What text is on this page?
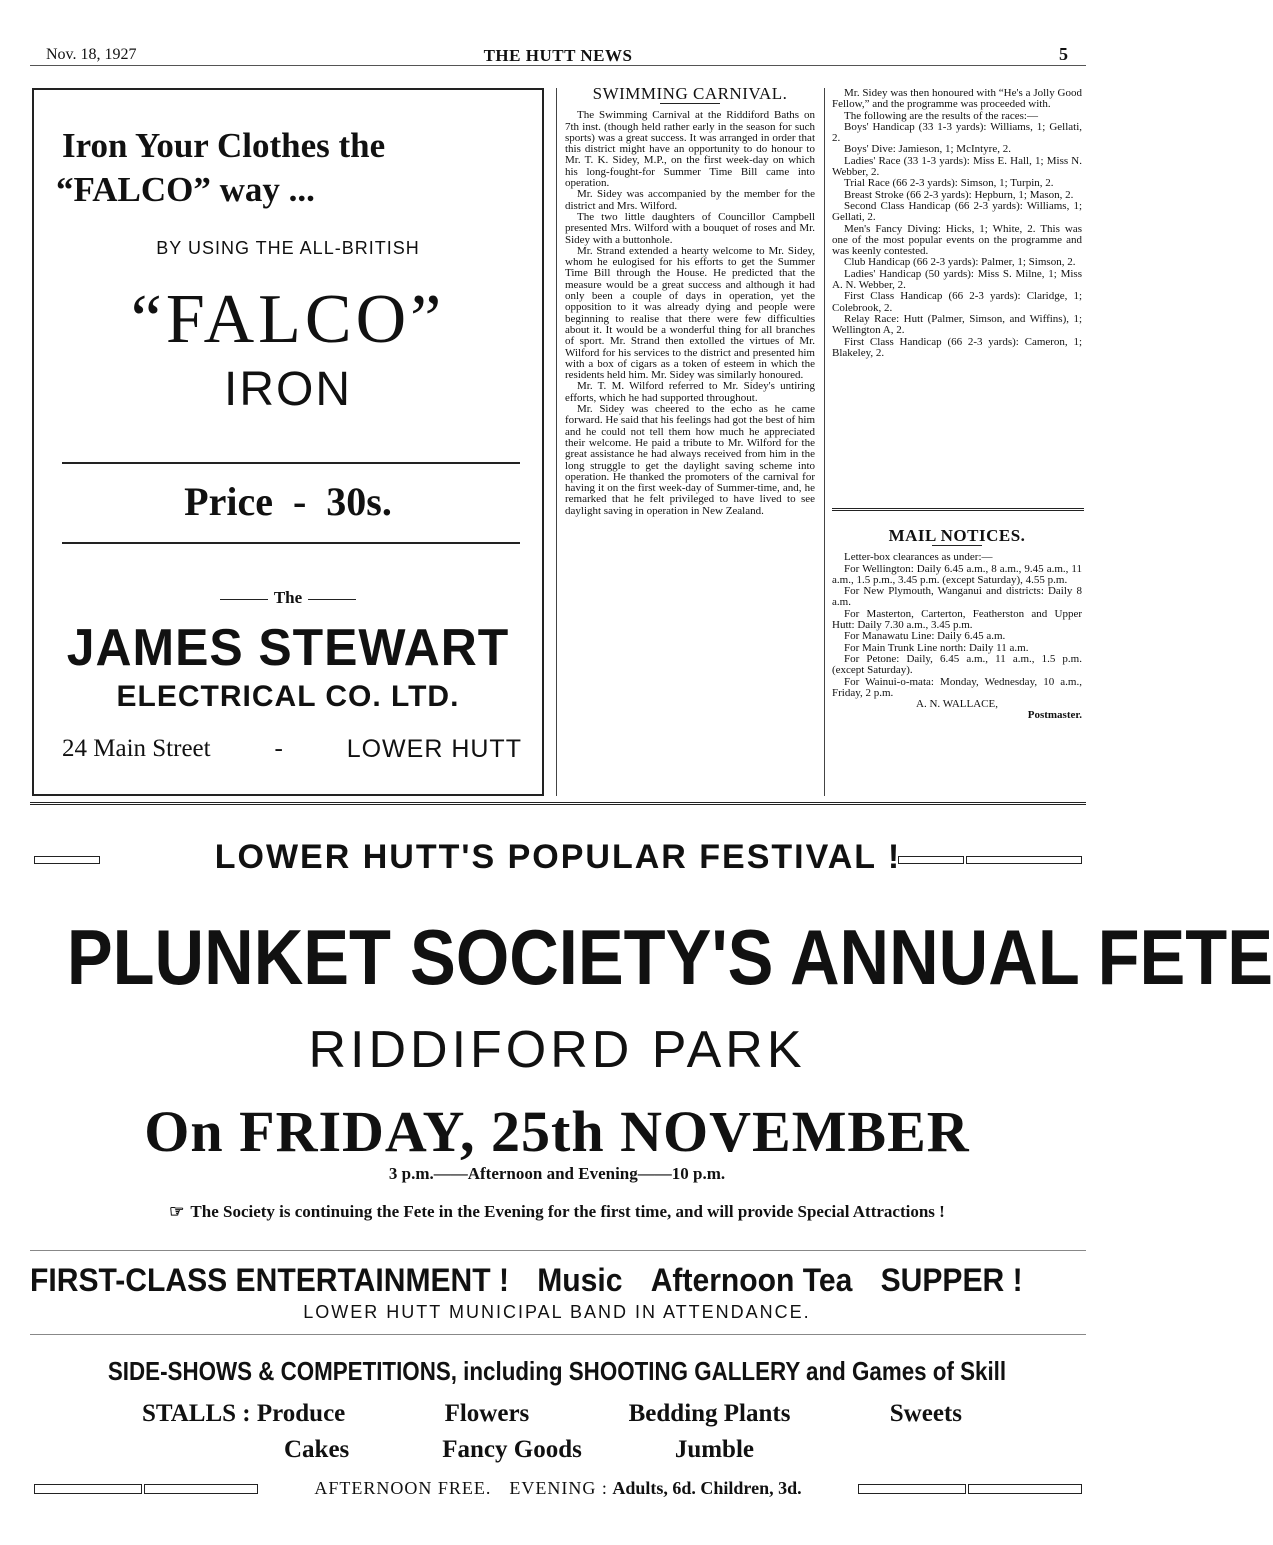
Nov. 18, 1927	THE HUTT NEWS	5
Iron Your Clothes the
“FALCO” way ...
BY USING THE ALL-BRITISH
“FALCO”
IRON
Price - 30s.
The
JAMES STEWART
ELECTRICAL CO. LTD.
24 Main Street	-	LOWER HUTT
SWIMMING CARNIVAL.

The Swimming Carnival at the Riddiford Baths on 7th inst. (though held rather early in the season for such sports) was a great success. It was arranged in order that this district might have an opportunity to do honour to Mr. T. K. Sidey, M.P., on the first week-day on which his long-fought-for Summer Time Bill came into operation.

Mr. Sidey was accompanied by the member for the district and Mrs. Wilford.

The two little daughters of Councillor Campbell presented Mrs. Wilford with a bouquet of roses and Mr. Sidey with a buttonhole.

Mr. Strand extended a hearty welcome to Mr. Sidey, whom he eulogised for his efforts to get the Summer Time Bill through the House. He predicted that the measure would be a great success and although it had only been a couple of days in operation, yet the opposition to it was already dying and people were beginning to realise that there were few difficulties about it. It would be a wonderful thing for all branches of sport. Mr. Strand then extolled the virtues of Mr. Wilford for his services to the district and presented him with a box of cigars as a token of esteem in which the residents held him. Mr. Sidey was similarly honoured.

Mr. T. M. Wilford referred to Mr. Sidey's untiring efforts, which he had supported throughout.

Mr. Sidey was cheered to the echo as he came forward. He said that his feelings had got the best of him and he could not tell them how much he appreciated their welcome. He paid a tribute to Mr. Wilford for the great assistance he had always received from him in the long struggle to get the daylight saving scheme into operation. He thanked the promoters of the carnival for having it on the first week-day of Summer-time, and, he remarked that he felt privileged to have lived to see daylight saving in operation in New Zealand.

Mr. Sidey was then honoured with “He's a Jolly Good Fellow,” and the programme was proceeded with.

The following are the results of the races:—

Boys' Handicap (33 1-3 yards): Williams, 1; Gellati, 2.

Boys' Dive: Jamieson, 1; McIntyre, 2.

Ladies' Race (33 1-3 yards): Miss E. Hall, 1; Miss N. Webber, 2.

Trial Race (66 2-3 yards): Simson, 1; Turpin, 2.

Breast Stroke (66 2-3 yards): Hepburn, 1; Mason, 2.

Second Class Handicap (66 2-3 yards): Williams, 1; Gellati, 2.

Men's Fancy Diving: Hicks, 1; White, 2. This was one of the most popular events on the programme and was keenly contested.

Club Handicap (66 2-3 yards): Palmer, 1; Simson, 2.

Ladies' Handicap (50 yards): Miss S. Milne, 1; Miss A. N. Webber, 2.

First Class Handicap (66 2-3 yards): Claridge, 1; Colebrook, 2.

Relay Race: Hutt (Palmer, Simson, and Wiffins), 1; Wellington A, 2.

First Class Handicap (66 2-3 yards): Cameron, 1; Blakeley, 2.

MAIL NOTICES.

Letter-box clearances as under:—

For Wellington: Daily 6.45 a.m., 8 a.m., 9.45 a.m., 11 a.m., 1.5 p.m., 3.45 p.m. (except Saturday), 4.55 p.m.

For New Plymouth, Wanganui and districts: Daily 8 a.m.

For Masterton, Carterton, Featherston and Upper Hutt: Daily 7.30 a.m., 3.45 p.m.

For Manawatu Line: Daily 6.45 a.m.

For Main Trunk Line north: Daily 11 a.m.

For Petone: Daily, 6.45 a.m., 11 a.m., 1.5 p.m. (except Saturday).

For Wainui-o-mata: Monday, Wednesday, 10 a.m., Friday, 2 p.m.

A. N. WALLACE,

Postmaster.

LOWER HUTT'S POPULAR FESTIVAL !
PLUNKET SOCIETY'S ANNUAL FETE
RIDDIFORD PARK
On FRIDAY, 25th NOVEMBER
3 p.m.——Afternoon and Evening——10 p.m.
☞ The Society is continuing the Fete in the Evening for the first time, and will provide Special Attractions !
FIRST-CLASS ENTERTAINMENT ! Music Afternoon Tea SUPPER !
LOWER HUTT MUNICIPAL BAND IN ATTENDANCE.
SIDE-SHOWS & COMPETITIONS, including SHOOTING GALLERY and Games of Skill
STALLS : Produce	Flowers	Bedding Plants	Sweets
Cakes	Fancy Goods	Jumble
AFTERNOON FREE. EVENING : Adults, 6d. Children, 3d.
